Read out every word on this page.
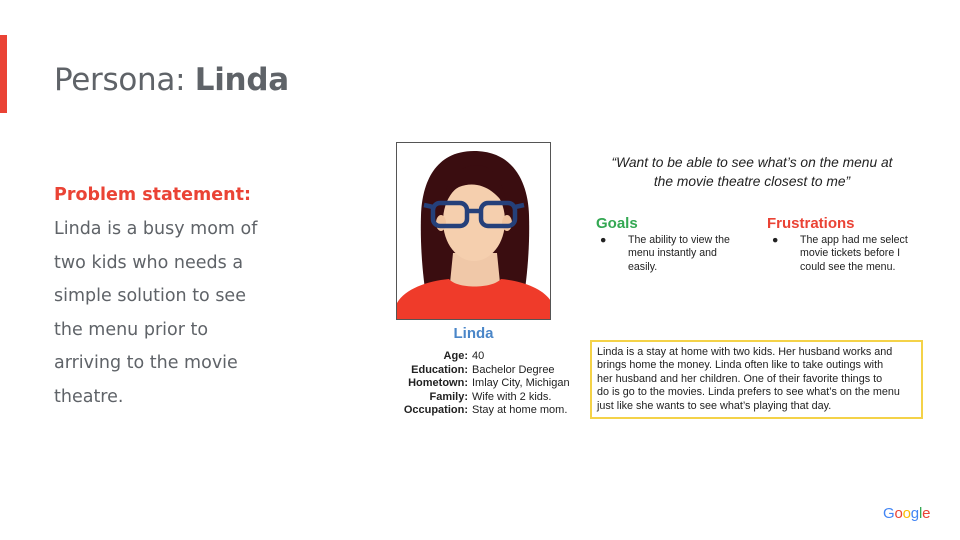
Persona: Linda
Problem statement:
Linda is a busy mom of
two kids who needs a
simple solution to see
the menu prior to
arriving to the movie
theatre.
Linda
Age: 40
Education: Bachelor Degree
Hometown: Imlay City, Michigan
Family: Wife with 2 kids.
Occupation: Stay at home mom.
“Want to be able to see what’s on the menu at
the movie theatre closest to me”
Goals
● The ability to view the
menu instantly and
easily.
Frustrations
● The app had me select
movie tickets before I
could see the menu.
Linda is a stay at home with two kids. Her husband works and
brings home the money. Linda often like to take outings with
her husband and her children. One of their favorite things to
do is go to the movies. Linda prefers to see what’s on the menu
just like she wants to see what’s playing that day.
Google
